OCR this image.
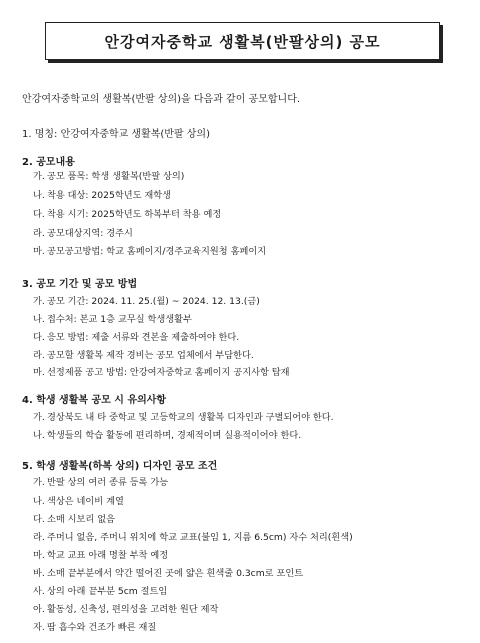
안강여자중학교 생활복(반팔상의) 공모
안강여자중학교의 생활복(반팔 상의)을 다음과 같이 공모합니다.
1. 명칭: 안강여자중학교 생활복(반팔 상의)
2. 공모내용
가. 공모 품목: 학생 생활복(반팔 상의)
나. 착용 대상: 2025학년도 재학생
다. 착용 시기: 2025학년도 하복부터 착용 예정
라. 공모대상지역: 경주시
마. 공모공고방법: 학교 홈페이지/경주교육지원청 홈페이지
3. 공모 기간 및 공모 방법
가. 공모 기간: 2024. 11. 25.(월) ~ 2024. 12. 13.(금)
나. 접수처: 본교 1층 교무실 학생생활부
다. 응모 방법: 제출 서류와 견본을 제출하여야 한다.
라. 공모할 생활복 제작 경비는 공모 업체에서 부담한다.
마. 선정제품 공고 방법: 안강여자중학교 홈페이지 공지사항 탑재
4. 학생 생활복 공모 시 유의사항
가. 경상북도 내 타 중학교 및 고등학교의 생활복 디자인과 구별되어야 한다.
나. 학생들의 학습 활동에 편리하며, 경제적이며 실용적이어야 한다.
5. 학생 생활복(하복 상의) 디자인 공모 조건
가. 반팔 상의 여러 종류 등록 가능
나. 색상은 네이비 계열
다. 소매 시보리 없음
라. 주머니 없음, 주머니 위치에 학교 교표(불임 1, 지름 6.5cm) 자수 처리(흰색)
마. 학교 교표 아래 명찰 부착 예정
바. 소매 끝부분에서 약간 떨어진 곳에 얇은 흰색줄 0.3cm로 포인트
사. 상의 아래 끝부분 5cm 절트임
아. 활동성, 신축성, 편의성을 고려한 원단 제작
자. 땀 흡수와 건조가 빠른 재질
